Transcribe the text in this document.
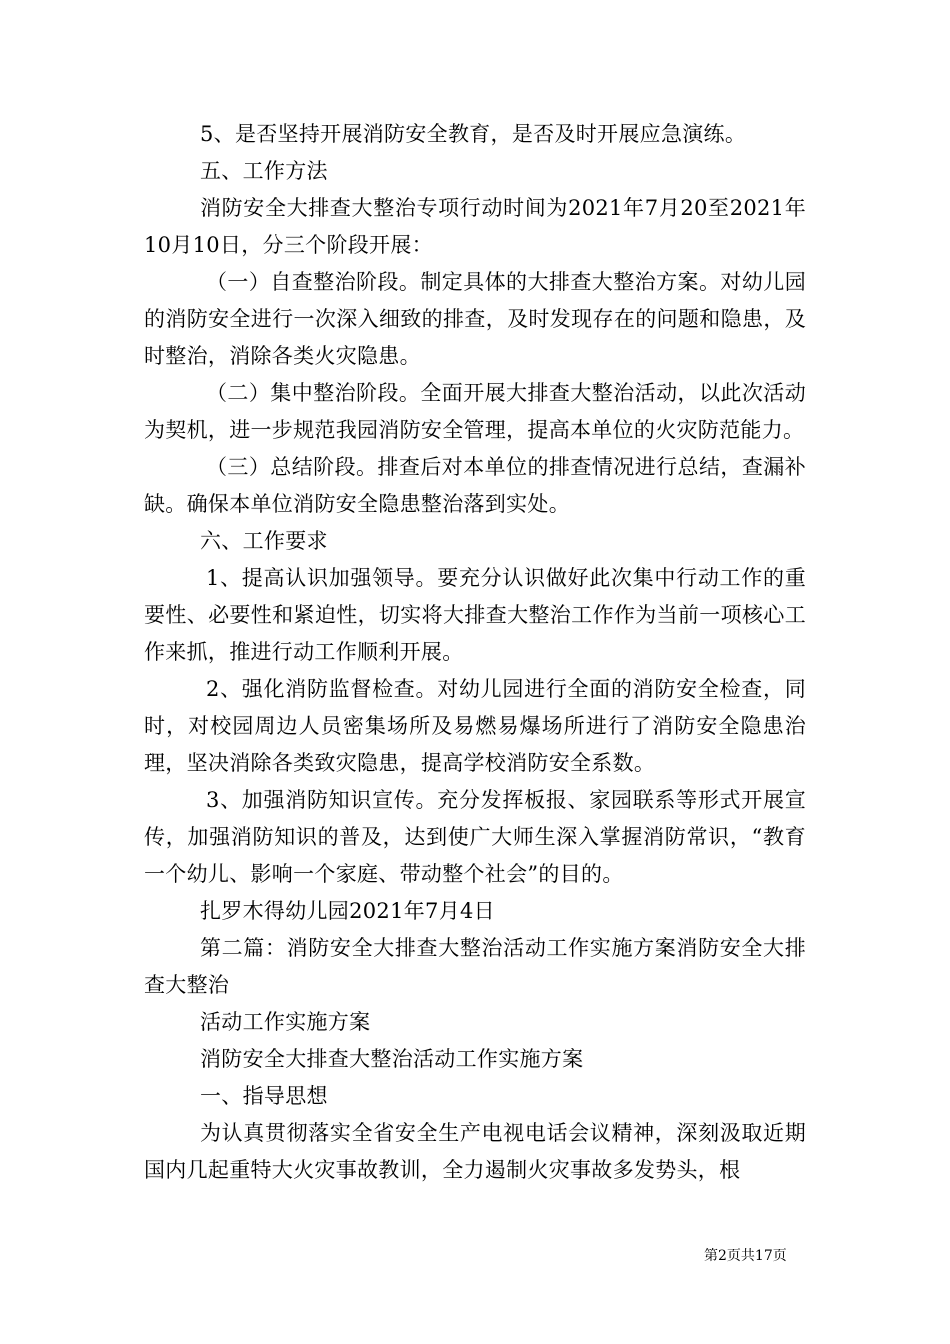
5、是否坚持开展消防安全教育，是否及时开展应急演练。

五、工作方法

消防安全大排查大整治专项行动时间为2021年7月20至2021年10月10日，分三个阶段开展：

（一）自查整治阶段。制定具体的大排查大整治方案。对幼儿园的消防安全进行一次深入细致的排查，及时发现存在的问题和隐患，及时整治，消除各类火灾隐患。

（二）集中整治阶段。全面开展大排查大整治活动，以此次活动为契机，进一步规范我园消防安全管理，提高本单位的火灾防范能力。

（三）总结阶段。排查后对本单位的排查情况进行总结，查漏补缺。确保本单位消防安全隐患整治落到实处。

六、工作要求

1、提高认识加强领导。要充分认识做好此次集中行动工作的重要性、必要性和紧迫性，切实将大排查大整治工作作为当前一项核心工作来抓，推进行动工作顺利开展。

2、强化消防监督检查。对幼儿园进行全面的消防安全检查，同时，对校园周边人员密集场所及易燃易爆场所进行了消防安全隐患治理，坚决消除各类致灾隐患，提高学校消防安全系数。

3、加强消防知识宣传。充分发挥板报、家园联系等形式开展宣传，加强消防知识的普及，达到使广大师生深入掌握消防常识，“教育一个幼儿、影响一个家庭、带动整个社会”的目的。

扎罗木得幼儿园2021年7月4日

第二篇：消防安全大排查大整治活动工作实施方案消防安全大排查大整治

活动工作实施方案

消防安全大排查大整治活动工作实施方案

一、指导思想

为认真贯彻落实全省安全生产电视电话会议精神，深刻汲取近期国内几起重特大火灾事故教训，全力遏制火灾事故多发势头，根

第2页共17页
